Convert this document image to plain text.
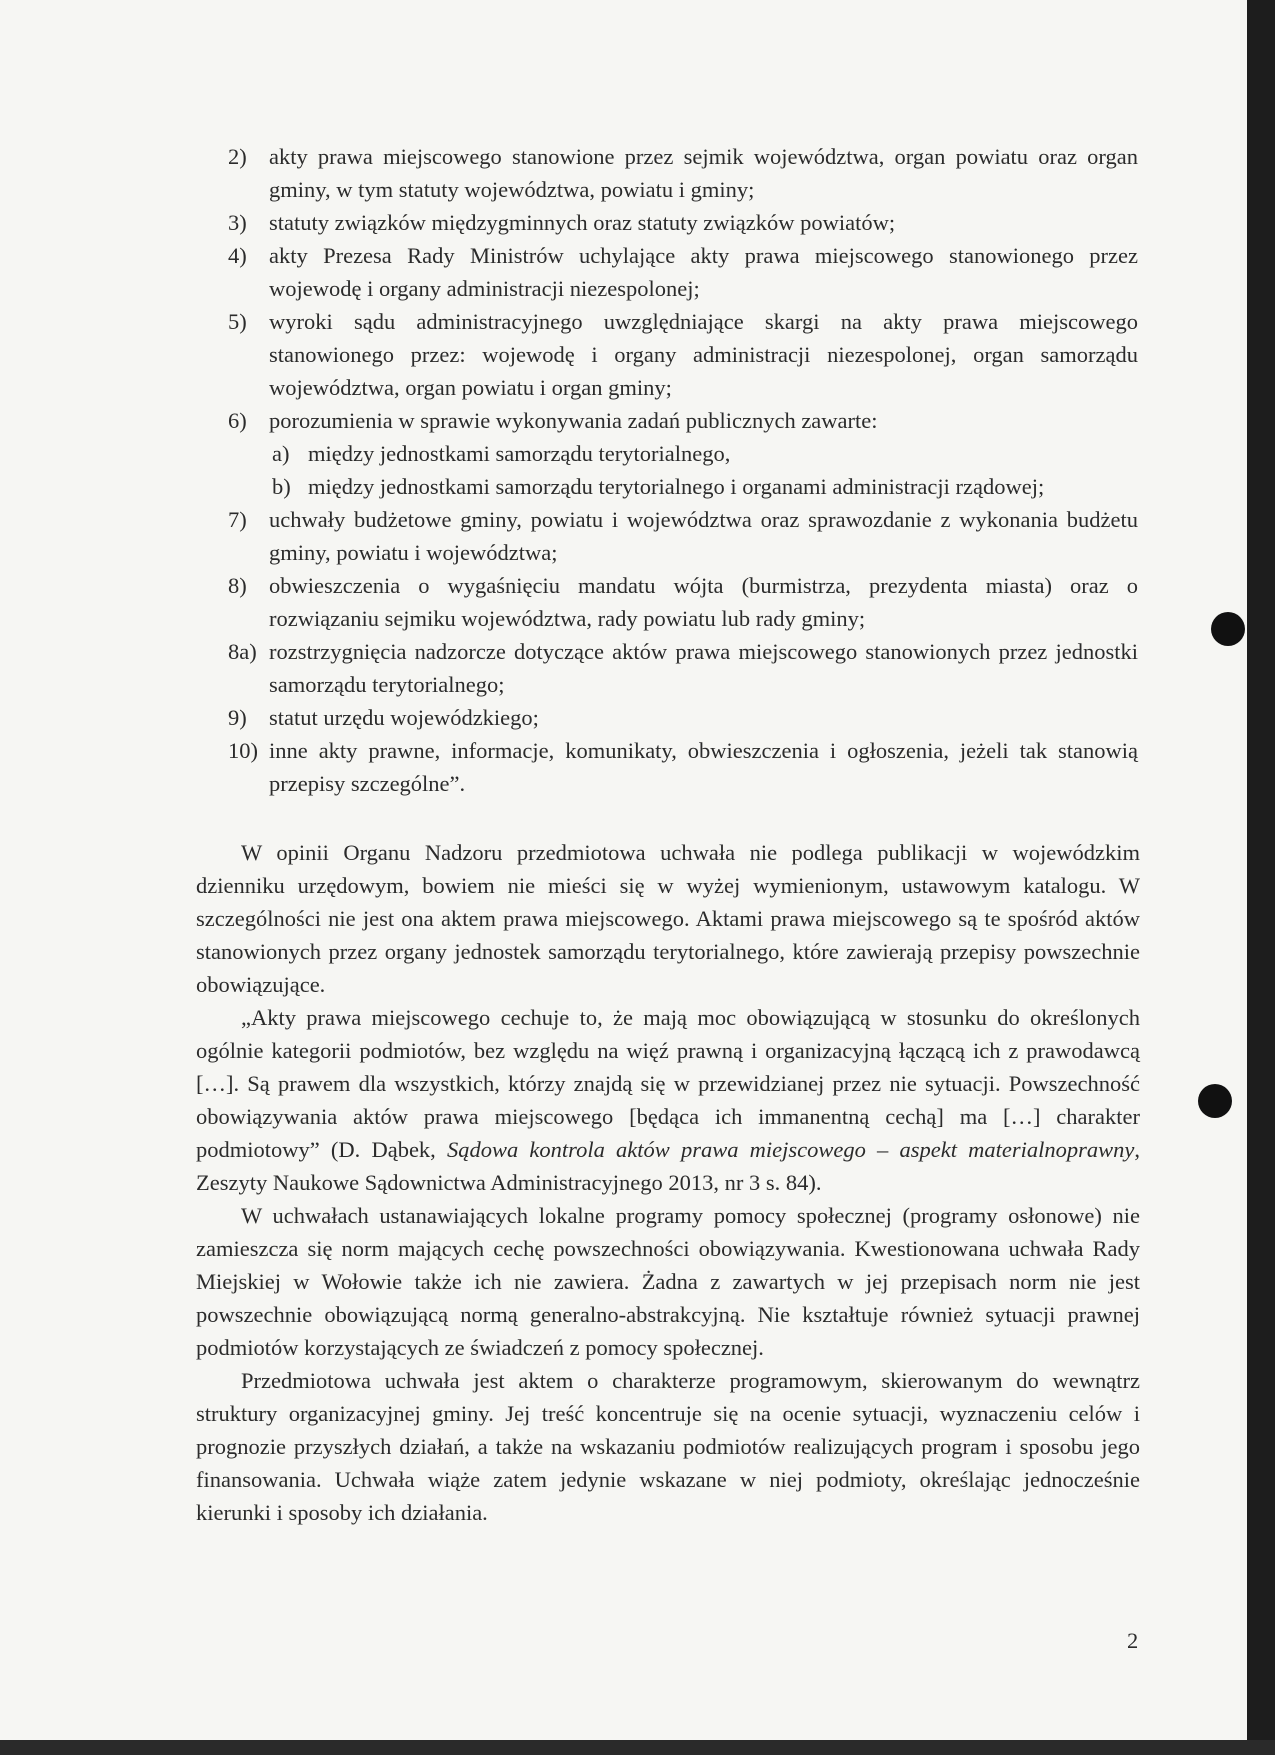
2) akty prawa miejscowego stanowione przez sejmik województwa, organ powiatu oraz organ gminy, w tym statuty województwa, powiatu i gminy;
3) statuty związków międzygminnych oraz statuty związków powiatów;
4) akty Prezesa Rady Ministrów uchylające akty prawa miejscowego stanowionego przez wojewodę i organy administracji niezespolonej;
5) wyroki sądu administracyjnego uwzględniające skargi na akty prawa miejscowego stanowionego przez: wojewodę i organy administracji niezespolonej, organ samorządu województwa, organ powiatu i organ gminy;
6) porozumienia w sprawie wykonywania zadań publicznych zawarte:
a) między jednostkami samorządu terytorialnego,
b) między jednostkami samorządu terytorialnego i organami administracji rządowej;
7) uchwały budżetowe gminy, powiatu i województwa oraz sprawozdanie z wykonania budżetu gminy, powiatu i województwa;
8) obwieszczenia o wygaśnięciu mandatu wójta (burmistrza, prezydenta miasta) oraz o rozwiązaniu sejmiku województwa, rady powiatu lub rady gminy;
8a) rozstrzygnięcia nadzorcze dotyczące aktów prawa miejscowego stanowionych przez jednostki samorządu terytorialnego;
9) statut urzędu wojewódzkiego;
10) inne akty prawne, informacje, komunikaty, obwieszczenia i ogłoszenia, jeżeli tak stanowią przepisy szczególne”.

W opinii Organu Nadzoru przedmiotowa uchwała nie podlega publikacji w wojewódzkim dzienniku urzędowym, bowiem nie mieści się w wyżej wymienionym, ustawowym katalogu. W szczególności nie jest ona aktem prawa miejscowego. Aktami prawa miejscowego są te spośród aktów stanowionych przez organy jednostek samorządu terytorialnego, które zawierają przepisy powszechnie obowiązujące.

„Akty prawa miejscowego cechuje to, że mają moc obowiązującą w stosunku do określonych ogólnie kategorii podmiotów, bez względu na więź prawną i organizacyjną łączącą ich z prawodawcą […]. Są prawem dla wszystkich, którzy znajdą się w przewidzianej przez nie sytuacji. Powszechność obowiązywania aktów prawa miejscowego [będąca ich immanentną cechą] ma […] charakter podmiotowy” (D. Dąbek, Sądowa kontrola aktów prawa miejscowego – aspekt materialnoprawny, Zeszyty Naukowe Sądownictwa Administracyjnego 2013, nr 3 s. 84).

W uchwałach ustanawiających lokalne programy pomocy społecznej (programy osłonowe) nie zamieszcza się norm mających cechę powszechności obowiązywania. Kwestionowana uchwała Rady Miejskiej w Wołowie także ich nie zawiera. Żadna z zawartych w jej przepisach norm nie jest powszechnie obowiązującą normą generalno-abstrakcyjną. Nie kształtuje również sytuacji prawnej podmiotów korzystających ze świadczeń z pomocy społecznej.

Przedmiotowa uchwała jest aktem o charakterze programowym, skierowanym do wewnątrz struktury organizacyjnej gminy. Jej treść koncentruje się na ocenie sytuacji, wyznaczeniu celów i prognozie przyszłych działań, a także na wskazaniu podmiotów realizujących program i sposobu jego finansowania. Uchwała wiąże zatem jedynie wskazane w niej podmioty, określając jednocześnie kierunki i sposoby ich działania.

2
